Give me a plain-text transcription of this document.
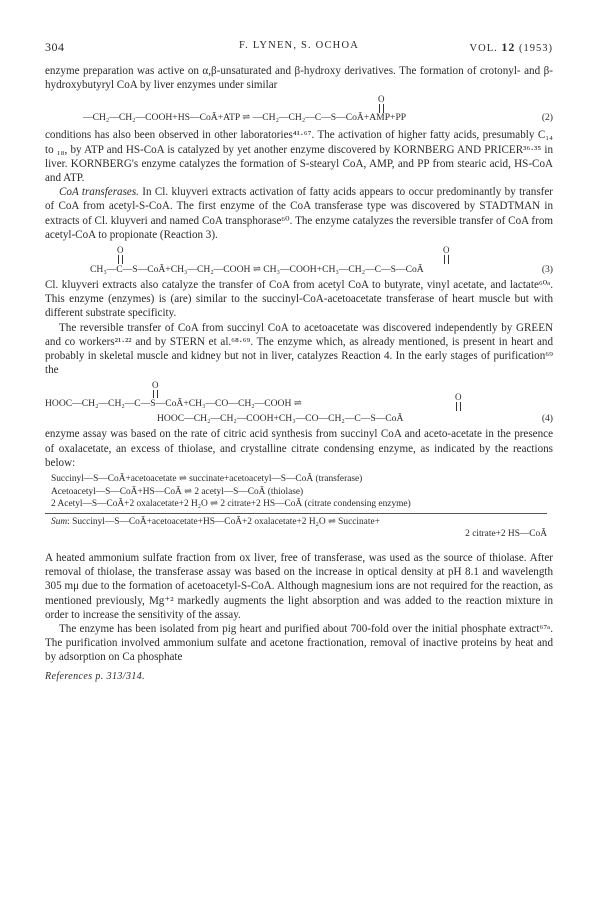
304	F. LYNEN, S. OCHOA	VOL. 12 (1953)

enzyme preparation was active on α,β-unsaturated and β-hydroxy derivatives. The formation of crotonyl- and β-hydroxybutyryl CoA by liver enzymes under similar

O
—CH₂—CH₂—COOH+HS—CoÃ+ATP ⇌ —CH₂—CH₂—C—S—CoÃ+AMP+PP	(2)

conditions has also been observed in other laboratories⁴¹·⁶⁷. The activation of higher fatty acids, presumably C₁₄ to ₁₈, by ATP and HS-CoA is catalyzed by yet another enzyme discovered by KORNBERG AND PRICER³⁶·³⁵ in liver. KORNBERG's enzyme catalyzes the formation of S-stearyl CoA, AMP, and PP from stearic acid, HS-CoA and ATP.

CoA transferases. In Cl. kluyveri extracts activation of fatty acids appears to occur predominantly by transfer of CoA from acetyl-S-CoA. The first enzyme of the CoA transferase type was discovered by STADTMAN in extracts of Cl. kluyveri and named CoA transphorase⁶⁰. The enzyme catalyzes the reversible transfer of CoA from acetyl-CoA to propionate (Reaction 3).

O	O
CH₃—C—S—CoÃ+CH₃—CH₂—COOH ⇌ CH₃—COOH+CH₃—CH₂—C—S—CoÃ	(3)

Cl. kluyveri extracts also catalyze the transfer of CoA from acetyl CoA to butyrate, vinyl acetate, and lactate⁶⁰ᵃ. This enzyme (enzymes) is (are) similar to the succinyl-CoA-acetoacetate transferase of heart muscle but with different substrate specificity.

The reversible transfer of CoA from succinyl CoA to acetoacetate was discovered independently by GREEN and co workers²¹·²² and by STERN et al.⁶⁸·⁶⁹. The enzyme which, as already mentioned, is present in heart and probably in skeletal muscle and kidney but not in liver, catalyzes Reaction 4. In the early stages of purification⁶⁹ the

O
HOOC—CH₂—CH₂—C—S—CoÃ+CH₃—CO—CH₂—COOH ⇌
O
HOOC—CH₂—CH₂—COOH+CH₃—CO—CH₂—C—S—CoÃ	(4)

enzyme assay was based on the rate of citric acid synthesis from succinyl CoA and aceto-acetate in the presence of oxalacetate, an excess of thiolase, and crystalline citrate condensing enzyme, as indicated by the reactions below:

Succinyl—S—CoÃ+acetoacetate ⇌ succinate+acetoacetyl—S—CoÃ (transferase)
Acetoacetyl—S—CoÃ+HS—CoÃ ⇌ 2 acetyl—S—CoÃ (thiolase)
2 Acetyl—S—CoÃ+2 oxalacetate+2 H₂O ⇌ 2 citrate+2 HS—CoÃ (citrate condensing enzyme)
Sum: Succinyl—S—CoÃ+acetoacetate+HS—CoÃ+2 oxalacetate+2 H₂O ⇌ Succinate+
2 citrate+2 HS—CoÃ

A heated ammonium sulfate fraction from ox liver, free of transferase, was used as the source of thiolase. After removal of thiolase, the transferase assay was based on the increase in optical density at pH 8.1 and wavelength 305 mμ due to the formation of acetoacetyl-S-CoA. Although magnesium ions are not required for the reaction, as mentioned previously, Mg⁺² markedly augments the light absorption and was added to the reaction mixture in order to increase the sensitivity of the assay.

The enzyme has been isolated from pig heart and purified about 700-fold over the initial phosphate extract⁶⁷ᵃ. The purification involved ammonium sulfate and acetone fractionation, removal of inactive proteins by heat and by adsorption on Ca phosphate

References p. 313/314.
